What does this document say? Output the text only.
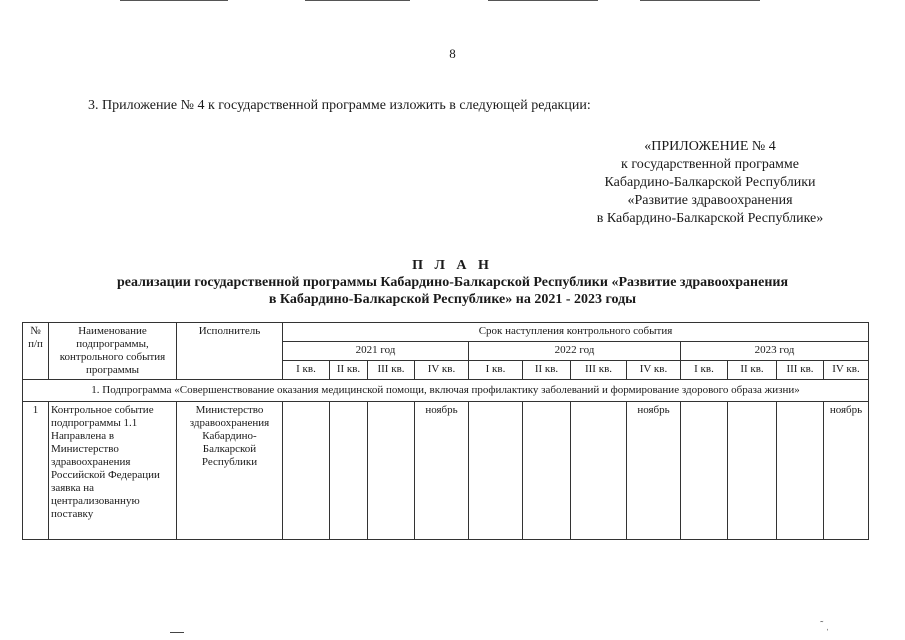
8
3. Приложение № 4 к государственной программе изложить в следующей редакции:
«ПРИЛОЖЕНИЕ № 4
к государственной программе
Кабардино-Балкарской Республики
«Развитие здравоохранения
в Кабардино-Балкарской Республике»
П Л А Н
реализации государственной программы Кабардино-Балкарской Республики «Развитие здравоохранения
в Кабардино-Балкарской Республике» на 2021 - 2023 годы
№ п/п	Наименование подпрограммы, контрольного события программы	Исполнитель	Срок наступления контрольного события											
			2021 год				2022 год				2023 год			
			I кв.	II кв.	III кв.	IV кв.	I кв.	II кв.	III кв.	IV кв.	I кв.	II кв.	III кв.	IV кв.
1. Подпрограмма «Совершенствование оказания медицинской помощи, включая профилактику заболеваний и формирование здорового образа жизни»														
1	Контрольное событие подпрограммы 1.1 Направлена в Министерство здравоохранения Российской Федерации заявка на централизованную поставку	Министерство здравоохранения Кабардино-Балкарской Республики				ноябрь				ноябрь				ноябрь
˜ ˌ
